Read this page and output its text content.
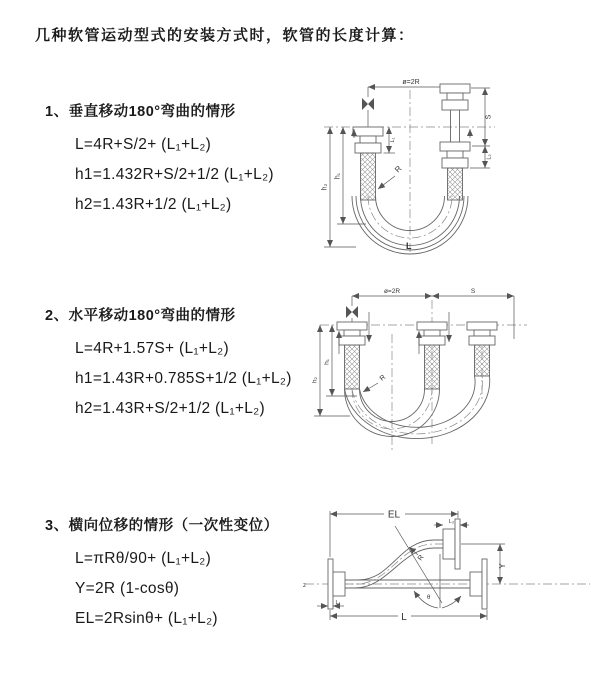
几种软管运动型式的安装方式时，软管的长度计算：
1、垂直移动180°弯曲的情形
L=4R+S/2+ (L₁+L₂)
h1=1.432R+S/2+1/2 (L₁+L₂)
h2=1.43R+1/2 (L₁+L₂)
2、水平移动180°弯曲的情形
L=4R+1.57S+ (L₁+L₂)
h1=1.43R+0.785S+1/2 (L₁+L₂)
h2=1.43R+S/2+1/2 (L₁+L₂)
3、横向位移的情形（一次性变位）
L=πRθ/90+ (L₁+L₂)
Y=2R (1-cosθ)
EL=2Rsinθ+ (L₁+L₂)
ø=2R
h₁
h₂
L₁
S
L₂
R
L
ø=2R	S
h₁
h₂	R
z
EL
L₂
Y
θ
R
L₁
L
